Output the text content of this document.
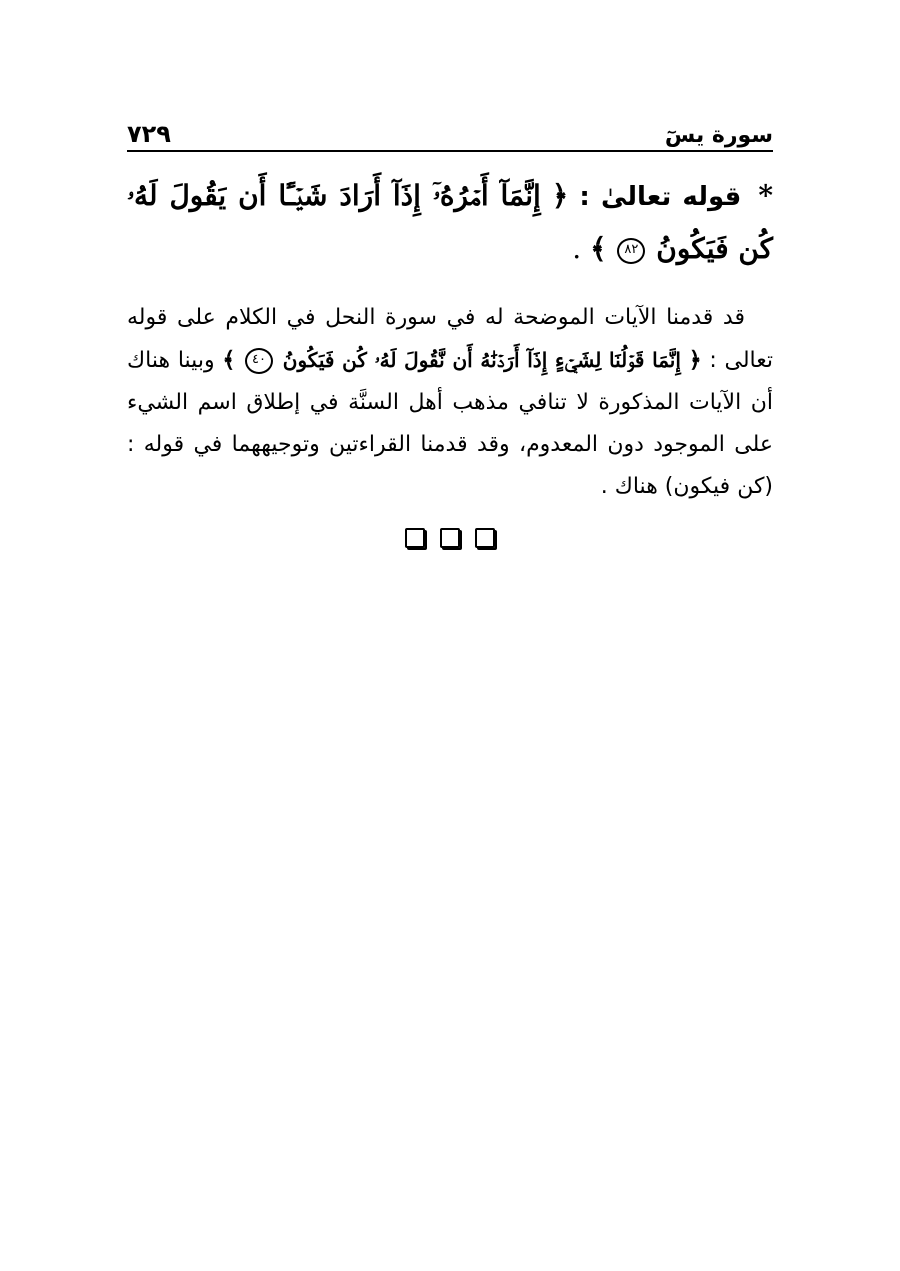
سورة يسٓ
٧٢٩
* قوله تعالىٰ : ﴿ إِنَّمَآ أَمۡرُهُۥٓ إِذَآ أَرَادَ شَيۡـًٔا أَن يَقُولَ لَهُۥ كُن فَيَكُونُ ٨٢ ﴾ .
قد قدمنا الآيات الموضحة له في سورة النحل في الكلام على قوله تعالى : ﴿ إِنَّمَا قَوۡلُنَا لِشَيۡءٍ إِذَآ أَرَدۡنَٰهُ أَن نَّقُولَ لَهُۥ كُن فَيَكُونُ ٤٠ ﴾ وبينا هناك أن الآيات المذكورة لا تنافي مذهب أهل السنَّة في إطلاق اسم الشيء على الموجود دون المعدوم، وقد قدمنا القراءتين وتوجيههما في قوله : (كن فيكون) هناك .
